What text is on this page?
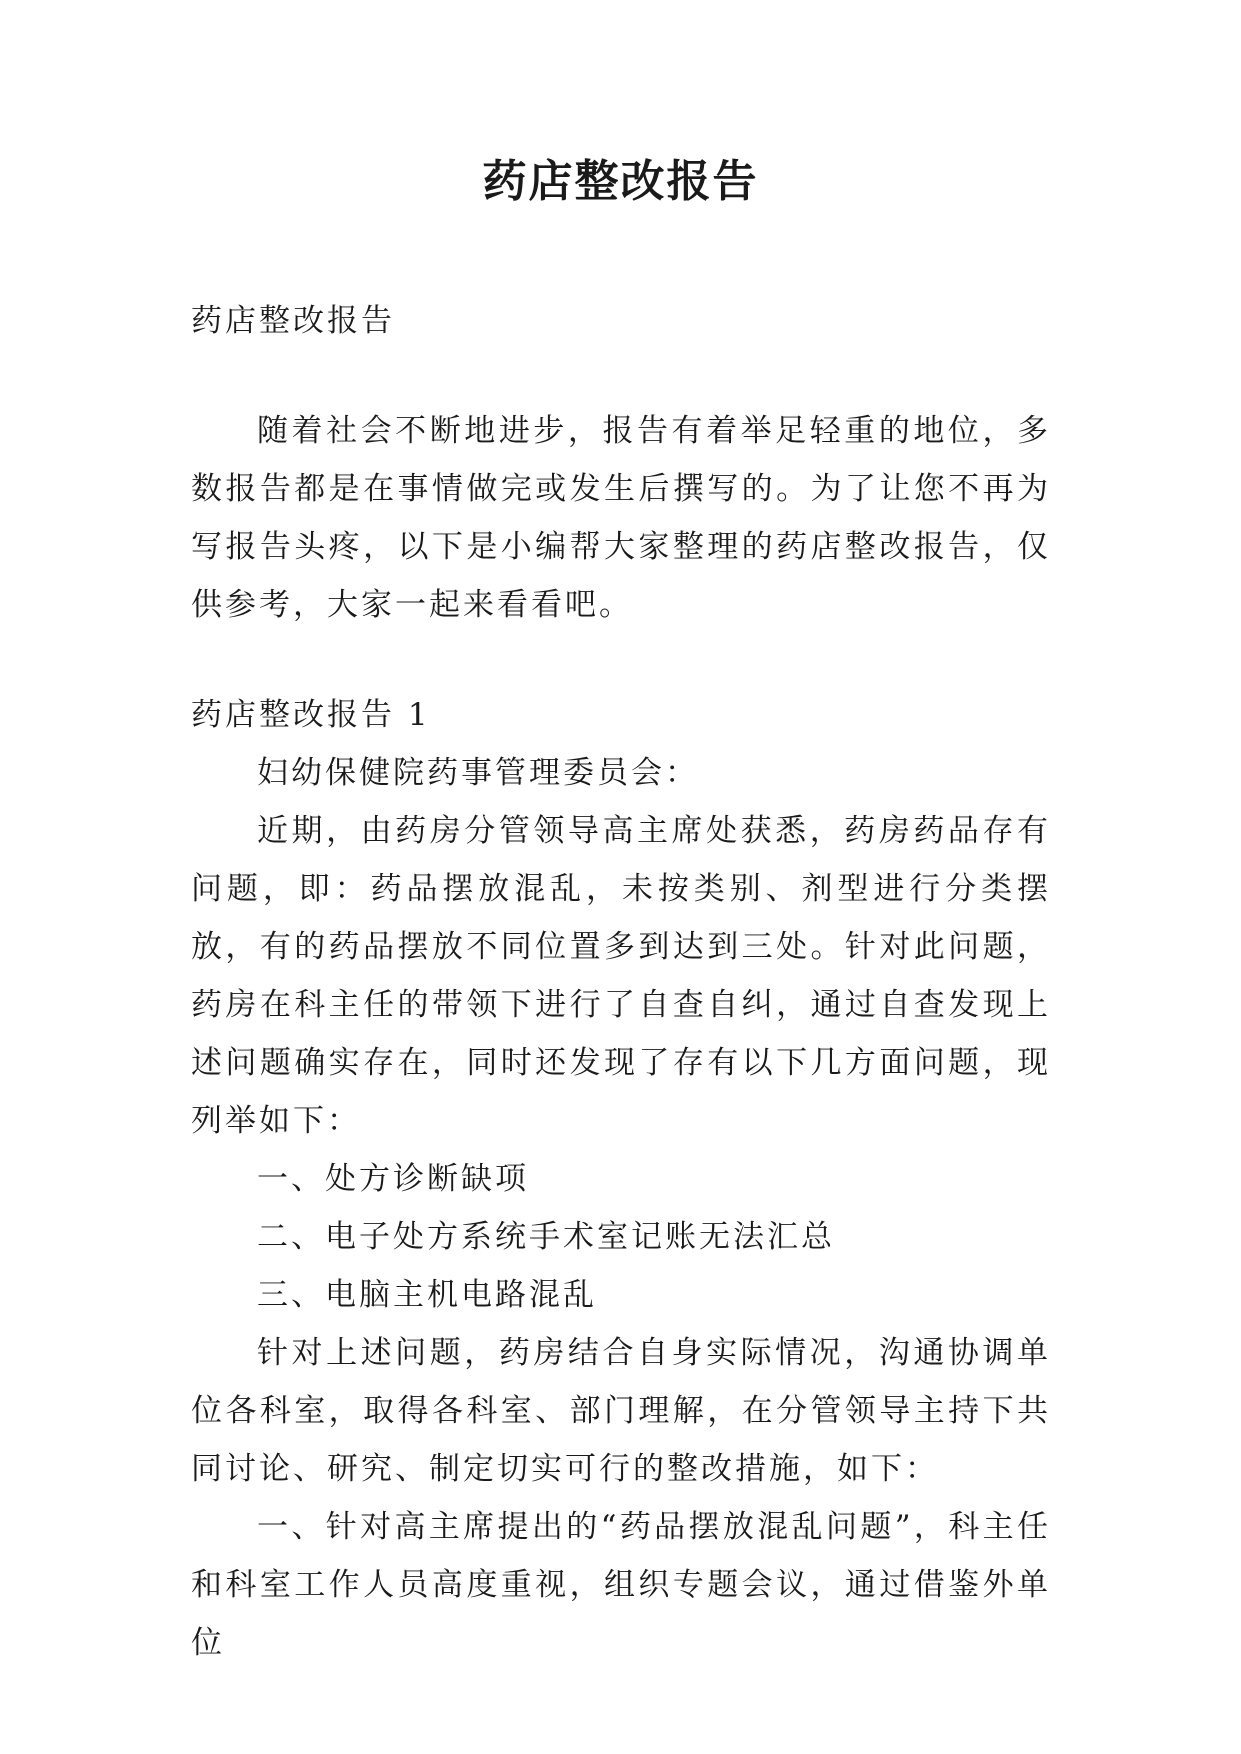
药店整改报告

药店整改报告

随着社会不断地进步，报告有着举足轻重的地位，多数报告都是在事情做完或发生后撰写的。为了让您不再为写报告头疼，以下是小编帮大家整理的药店整改报告，仅供参考，大家一起来看看吧。

药店整改报告 1

妇幼保健院药事管理委员会：

近期，由药房分管领导高主席处获悉，药房药品存有问题，即：药品摆放混乱，未按类别、剂型进行分类摆放，有的药品摆放不同位置多到达到三处。针对此问题，药房在科主任的带领下进行了自查自纠，通过自查发现上述问题确实存在，同时还发现了存有以下几方面问题，现列举如下：

一、处方诊断缺项

二、电子处方系统手术室记账无法汇总

三、电脑主机电路混乱

针对上述问题，药房结合自身实际情况，沟通协调单位各科室，取得各科室、部门理解，在分管领导主持下共同讨论、研究、制定切实可行的整改措施，如下：

一、针对高主席提出的“药品摆放混乱问题”，科主任和科室工作人员高度重视，组织专题会议，通过借鉴外单位
